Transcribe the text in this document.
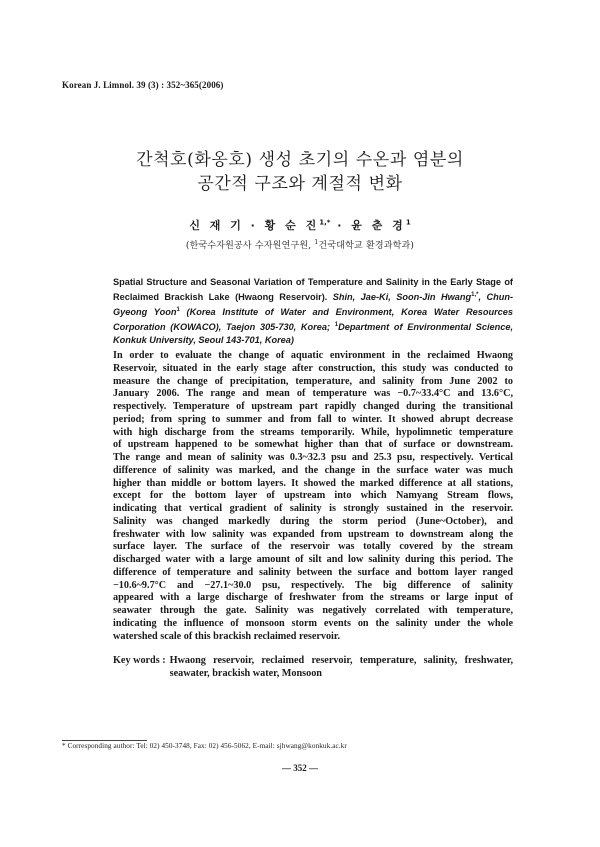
Korean J. Limnol. 39 (3) : 352~365(2006)
간척호(화옹호) 생성 초기의 수온과 염분의
공간적 구조와 계절적 변화
신 재 기 · 황 순 진$^{1,*}$ · 윤 춘 경$^1$
(한국수자원공사 수자원연구원, $^1$건국대학교 환경과학과)
Spatial Structure and Seasonal Variation of Temperature and Salinity in the Early Stage of Reclaimed Brackish Lake (Hwaong Reservoir). Shin, Jae-Ki, Soon-Jin Hwang$^{1,*}$, Chun-Gyeong Yoon$^1$ (Korea Institute of Water and Environment, Korea Water Resources Corporation (KOWACO), Taejon 305-730, Korea; $^1$Department of Environmental Science, Konkuk University, Seoul 143-701, Korea)
In order to evaluate the change of aquatic environment in the reclaimed Hwaong
Reservoir, situated in the early stage after construction, this study was conducted to
measure the change of precipitation, temperature, and salinity from June 2002 to
January 2006. The range and mean of temperature was −0.7~33.4°C and 13.6°C,
respectively. Temperature of upstream part rapidly changed during the transitional
period; from spring to summer and from fall to winter. It showed abrupt decrease
with high discharge from the streams temporarily. While, hypolimnetic temperature
of upstream happened to be somewhat higher than that of surface or downstream.
The range and mean of salinity was 0.3~32.3 psu and 25.3 psu, respectively. Vertical
difference of salinity was marked, and the change in the surface water was much
higher than middle or bottom layers. It showed the marked difference at all stations,
except for the bottom layer of upstream into which Namyang Stream flows,
indicating that vertical gradient of salinity is strongly sustained in the reservoir.
Salinity was changed markedly during the storm period (June~October), and
freshwater with low salinity was expanded from upstream to downstream along the
surface layer. The surface of the reservoir was totally covered by the stream
discharged water with a large amount of silt and low salinity during this period. The
difference of temperature and salinity between the surface and bottom layer ranged
−10.6~9.7°C and −27.1~30.0 psu, respectively. The big difference of salinity
appeared with a large discharge of freshwater from the streams or large input of
seawater through the gate. Salinity was negatively correlated with temperature,
indicating the influence of monsoon storm events on the salinity under the whole
watershed scale of this brackish reclaimed reservoir.
Key words : Hwaong reservoir, reclaimed reservoir, temperature, salinity, freshwater, seawater, brackish water, Monsoon
* Corresponding author: Tel: 02) 450-3748, Fax: 02) 456-5062, E-mail: sjhwang@konkuk.ac.kr
— 352 —
